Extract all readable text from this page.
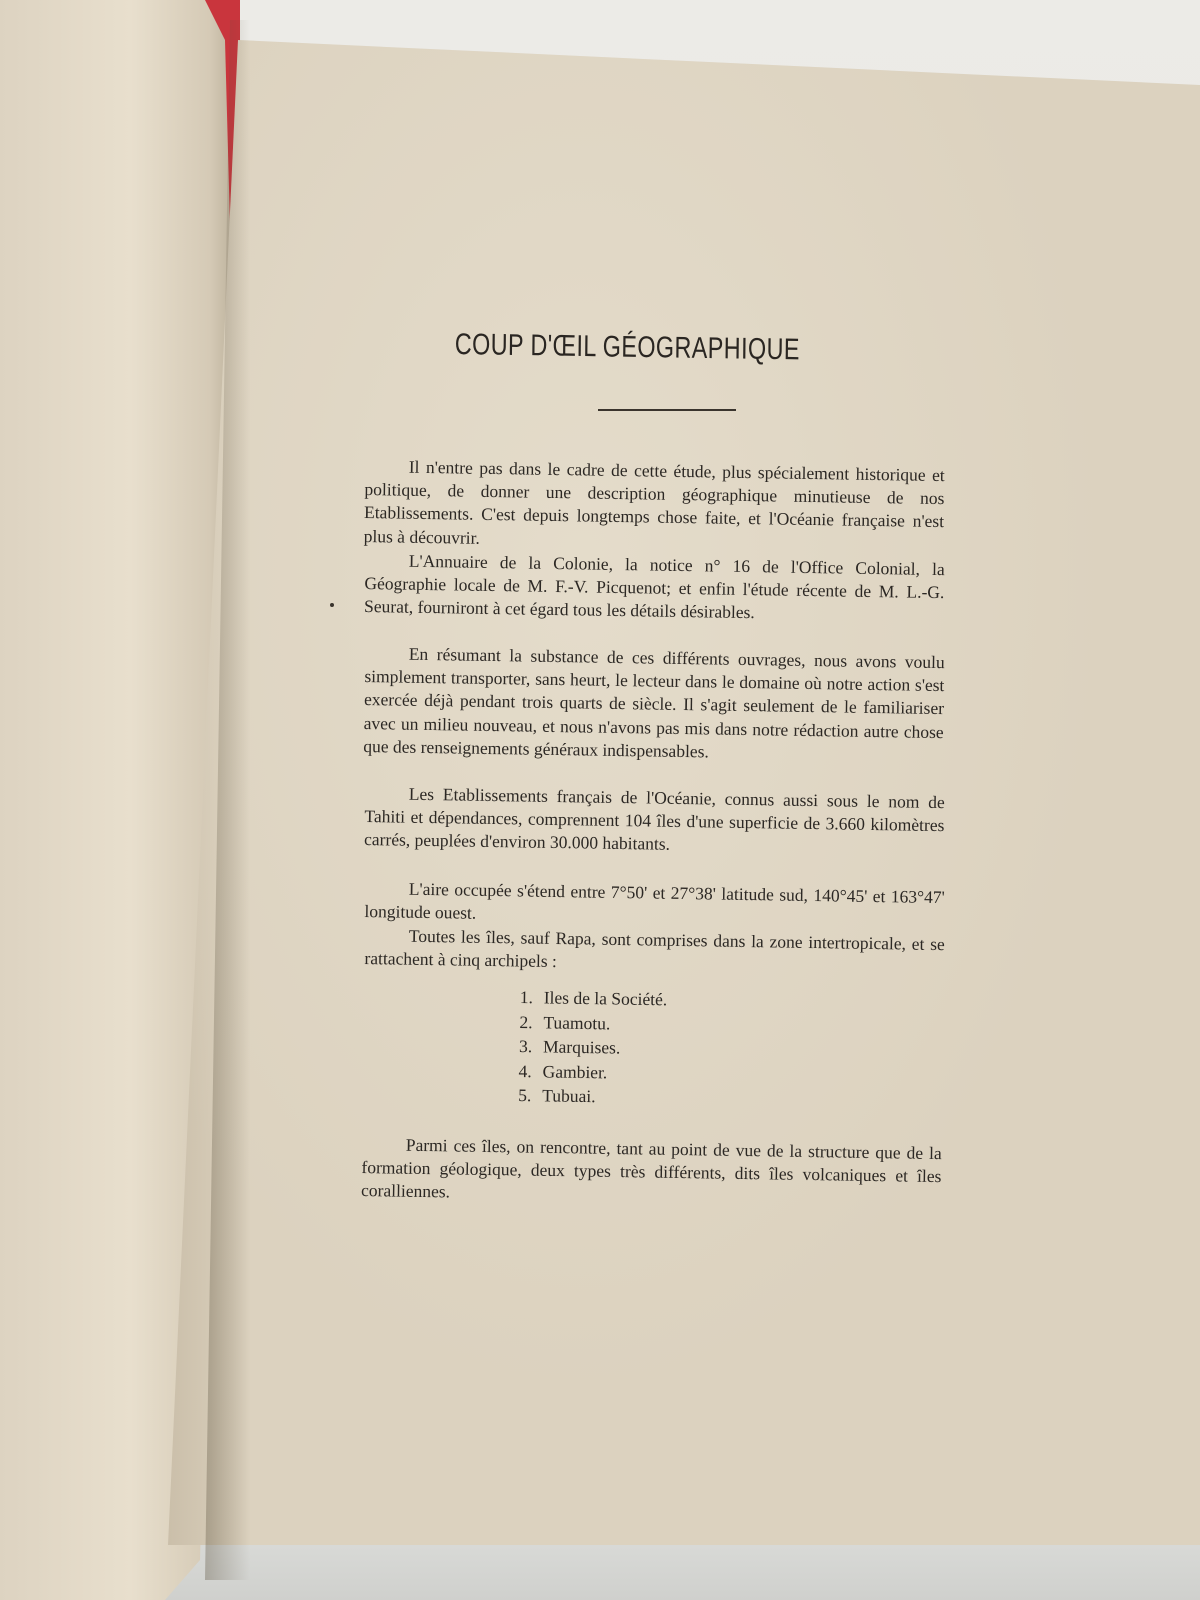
COUP D'ŒIL GÉOGRAPHIQUE

Il n'entre pas dans le cadre de cette étude, plus spécialement historique et politique, de donner une description géographique minutieuse de nos Etablissements. C'est depuis longtemps chose faite, et l'Océanie française n'est plus à découvrir.

L'Annuaire de la Colonie, la notice n° 16 de l'Office Colonial, la Géographie locale de M. F.-V. Picquenot; et enfin l'étude récente de M. L.-G. Seurat, fourniront à cet égard tous les détails désirables.

En résumant la substance de ces différents ouvrages, nous avons voulu simplement transporter, sans heurt, le lecteur dans le domaine où notre action s'est exercée déjà pendant trois quarts de siècle. Il s'agit seulement de le familiariser avec un milieu nouveau, et nous n'avons pas mis dans notre rédaction autre chose que des renseignements généraux indispensables.

Les Etablissements français de l'Océanie, connus aussi sous le nom de Tahiti et dépendances, comprennent 104 îles d'une superficie de 3.660 kilomètres carrés, peuplées d'environ 30.000 habitants.

L'aire occupée s'étend entre 7°50' et 27°38' latitude sud, 140°45' et 163°47' longitude ouest.

Toutes les îles, sauf Rapa, sont comprises dans la zone intertropicale, et se rattachent à cinq archipels :

1. Iles de la Société.
2. Tuamotu.
3. Marquises.
4. Gambier.
5. Tubuai.

Parmi ces îles, on rencontre, tant au point de vue de la structure que de la formation géologique, deux types très différents, dits îles volcaniques et îles coralliennes.
